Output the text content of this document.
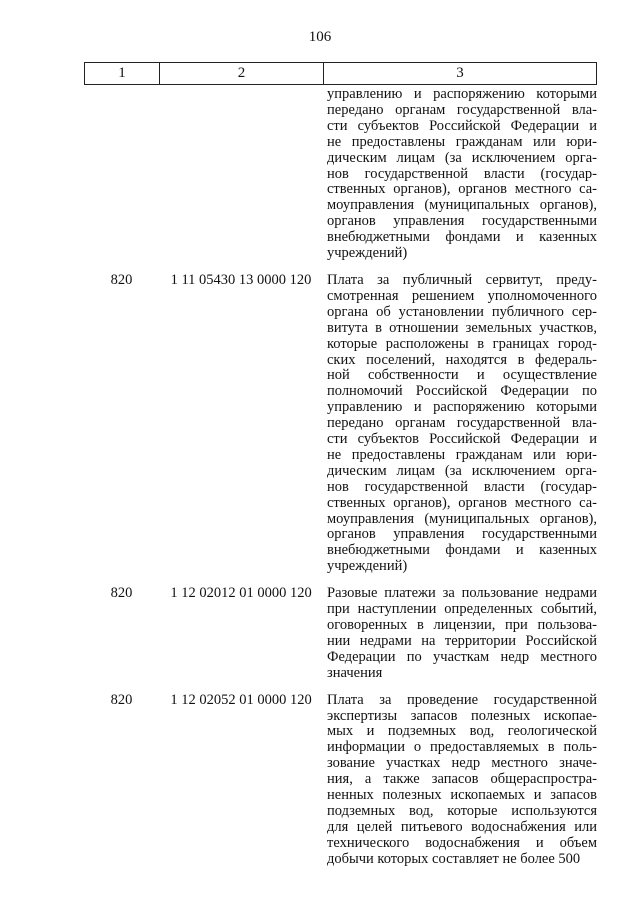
106
1	2	3
управлению и распоряжению которыми
передано органам государственной вла-
сти субъектов Российской Федерации и
не предоставлены гражданам или юри-
дическим лицам (за исключением орга-
нов государственной власти (государ-
ственных органов), органов местного са-
моуправления (муниципальных органов),
органов управления государственными
внебюджетными фондами и казенных
учреждений)
820	1 11 05430 13 0000 120	Плата за публичный сервитут, преду-
смотренная решением уполномоченного
органа об установлении публичного сер-
витута в отношении земельных участков,
которые расположены в границах город-
ских поселений, находятся в федераль-
ной собственности и осуществление
полномочий Российской Федерации по
управлению и распоряжению которыми
передано органам государственной вла-
сти субъектов Российской Федерации и
не предоставлены гражданам или юри-
дическим лицам (за исключением орга-
нов государственной власти (государ-
ственных органов), органов местного са-
моуправления (муниципальных органов),
органов управления государственными
внебюджетными фондами и казенных
учреждений)
820	1 12 02012 01 0000 120	Разовые платежи за пользование недрами
при наступлении определенных событий,
оговоренных в лицензии, при пользова-
нии недрами на территории Российской
Федерации по участкам недр местного
значения
820	1 12 02052 01 0000 120	Плата за проведение государственной
экспертизы запасов полезных ископае-
мых и подземных вод, геологической
информации о предоставляемых в поль-
зование участках недр местного значе-
ния, а также запасов общераспростра-
ненных полезных ископаемых и запасов
подземных вод, которые используются
для целей питьевого водоснабжения или
технического водоснабжения и объем
добычи которых составляет не более 500
